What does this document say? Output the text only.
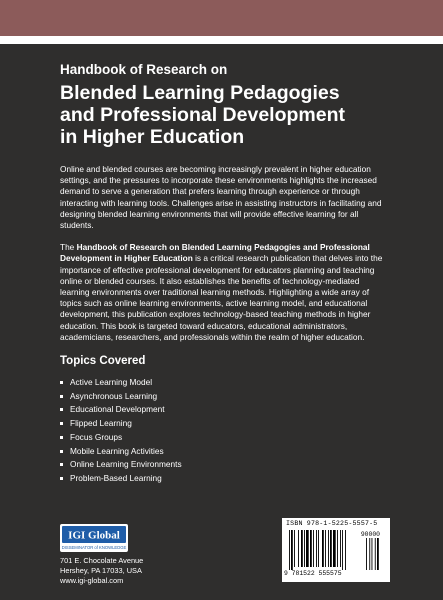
Handbook of Research on
Blended Learning Pedagogies
and Professional Development
in Higher Education

Online and blended courses are becoming increasingly prevalent in higher education settings, and the pressures to incorporate these environments highlights the increased demand to serve a generation that prefers learning through experience or through interacting with learning tools. Challenges arise in assisting instructors in facilitating and designing blended learning environments that will provide effective learning for all students.

The Handbook of Research on Blended Learning Pedagogies and Professional Development in Higher Education is a critical research publication that delves into the importance of effective professional development for educators planning and teaching online or blended courses. It also establishes the benefits of technology-mediated learning environments over traditional learning methods. Highlighting a wide array of topics such as online learning environments, active learning model, and educational development, this publication explores technology-based teaching methods in higher education. This book is targeted toward educators, educational administrators, academicians, researchers, and professionals within the realm of higher education.

Topics Covered
Active Learning Model
Asynchronous Learning
Educational Development
Flipped Learning
Focus Groups
Mobile Learning Activities
Online Learning Environments
Problem-Based Learning
IGI Global
DISSEMINATOR of KNOWLEDGE
701 E. Chocolate Avenue
Hershey, PA 17033, USA
www.igi-global.com
ISBN 978-1-5225-5557-5
90000
9 781522 555575
